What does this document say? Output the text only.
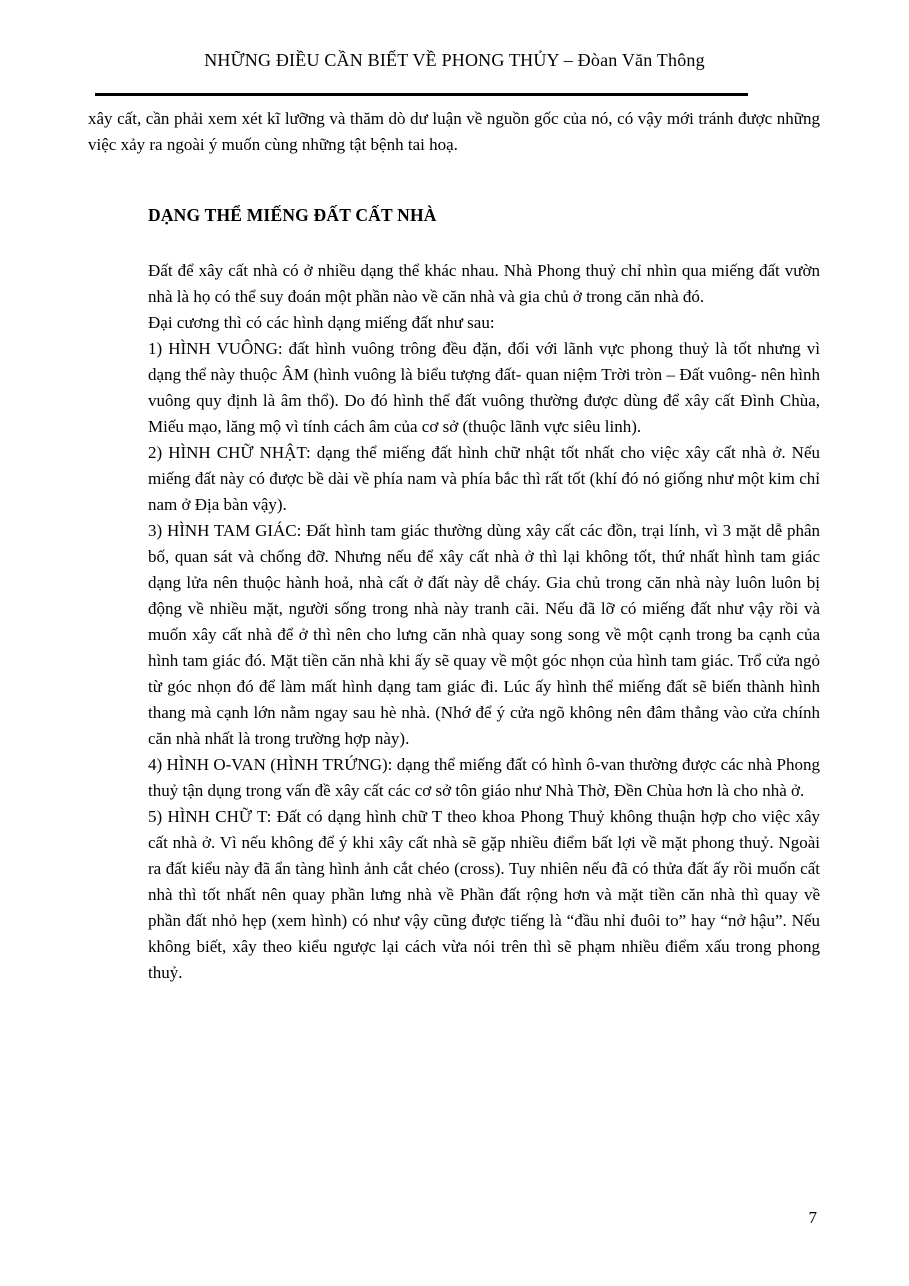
NHỮNG ĐIỀU CẦN BIẾT VỀ PHONG THỦY – Đòan Văn Thông

xây cất, cần phải xem xét kĩ lưỡng và thăm dò dư luận về nguồn gốc của nó, có vậy mới tránh được những việc xảy ra ngoài ý muốn cùng những tật bệnh tai hoạ.

DẠNG THỂ MIẾNG ĐẤT CẤT NHÀ

Đất để xây cất nhà có ở nhiều dạng thể khác nhau. Nhà Phong thuỷ chỉ nhìn qua miếng đất vườn nhà là họ có thể suy đoán một phần nào về căn nhà và gia chủ ở trong căn nhà đó.

Đại cương thì có các hình dạng miếng đất như sau:

1) HÌNH VUÔNG: đất hình vuông trông đều đặn, đối với lãnh vực phong thuỷ là tốt nhưng vì dạng thể này thuộc ÂM (hình vuông là biểu tượng đất- quan niệm Trời tròn – Đất vuông- nên hình vuông quy định là âm thổ). Do đó hình thể đất vuông thường được dùng để xây cất Đình Chùa, Miếu mạo, lăng mộ vì tính cách âm của cơ sở (thuộc lãnh vực siêu linh).

2) HÌNH CHỮ NHẬT: dạng thể miếng đất hình chữ nhật tốt nhất cho việc xây cất nhà ở. Nếu miếng đất này có được bề dài về phía nam và phía bắc thì rất tốt (khí đó nó giống như một kim chỉ nam ở Địa bàn vậy).

3) HÌNH TAM GIÁC: Đất hình tam giác thường dùng xây cất các đồn, trại lính, vì 3 mặt dễ phân bố, quan sát và chống đỡ. Nhưng nếu để xây cất nhà ở thì lại không tốt, thứ nhất hình tam giác dạng lửa nên thuộc hành hoả, nhà cất ở đất này dễ cháy. Gia chủ trong căn nhà này luôn luôn bị động về nhiều mặt, người sống trong nhà này tranh cãi. Nếu đã lỡ có miếng đất như vậy rồi và muốn xây cất nhà để ở thì nên cho lưng căn nhà quay song song về một cạnh trong ba cạnh của hình tam giác đó. Mặt tiền căn nhà khi ấy sẽ quay về một góc nhọn của hình tam giác. Trổ cửa ngỏ từ góc nhọn đó để làm mất hình dạng tam giác đi. Lúc ấy hình thể miếng đất sẽ biến thành hình thang mà cạnh lớn nằm ngay sau hè nhà. (Nhớ để ý cửa ngõ không nên đâm thẳng vào cửa chính căn nhà nhất là trong trường hợp này).

4) HÌNH O-VAN (HÌNH TRỨNG): dạng thể miếng đất có hình ô-van thường được các nhà Phong thuỷ tận dụng trong vấn đề xây cất các cơ sở tôn giáo như Nhà Thờ, Đền Chùa hơn là cho nhà ở.

5) HÌNH CHỮ T: Đất có dạng hình chữ T theo khoa Phong Thuỷ không thuận hợp cho việc xây cất nhà ở. Vì nếu không để ý khi xây cất nhà sẽ gặp nhiều điểm bất lợi về mặt phong thuỷ. Ngoài ra đất kiểu này đã ẩn tàng hình ảnh cắt chéo (cross). Tuy nhiên nếu đã có thửa đất ấy rồi muốn cất nhà thì tốt nhất nên quay phần lưng nhà về Phần đất rộng hơn và mặt tiền căn nhà thì quay về phần đất nhỏ hẹp (xem hình) có như vậy cũng được tiếng là “đầu nhỉ đuôi to” hay “nở hậu”. Nếu không biết, xây theo kiểu ngược lại cách vừa nói trên thì sẽ phạm nhiều điểm xấu trong phong thuỷ.

7
